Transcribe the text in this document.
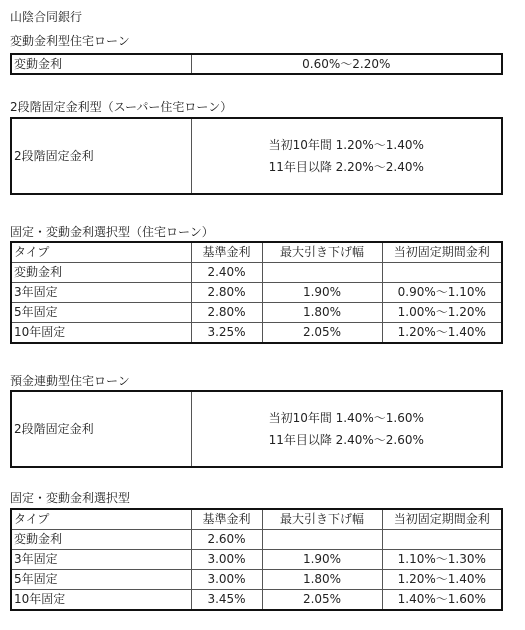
山陰合同銀行
変動金利型住宅ローン
変動金利	0.60%～2.20%
2段階固定金利型（スーパー住宅ローン）
2段階固定金利	
当初10年間 1.20%～1.40%
11年目以降 2.20%～2.40%
固定・変動金利選択型（住宅ローン）
タイプ	基準金利	最大引き下げ幅	当初固定期間金利
変動金利	2.40%		
3年固定	2.80%	1.90%	0.90%～1.10%
5年固定	2.80%	1.80%	1.00%～1.20%
10年固定	3.25%	2.05%	1.20%～1.40%
預金連動型住宅ローン
2段階固定金利	
当初10年間 1.40%～1.60%
11年目以降 2.40%～2.60%
固定・変動金利選択型
タイプ	基準金利	最大引き下げ幅	当初固定期間金利
変動金利	2.60%		
3年固定	3.00%	1.90%	1.10%～1.30%
5年固定	3.00%	1.80%	1.20%～1.40%
10年固定	3.45%	2.05%	1.40%～1.60%
